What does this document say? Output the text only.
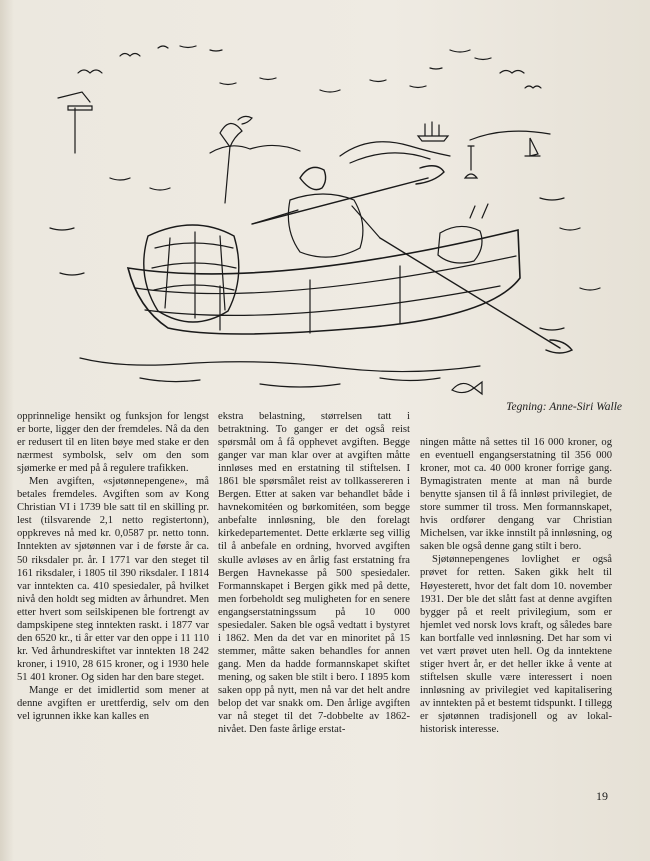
Tegning: Anne-Siri Walle

opprinnelige hensikt og funksjon for lengst er borte, ligger den der fremdeles. Nå da den er redusert til en liten bøye med stake er den nærmest symbolsk, selv om den som sjømerke er med på å regulere trafikken.

Men avgiften, «sjøtønnepengene», må betales fremdeles. Avgiften som av Kong Christian VI i 1739 ble satt til en skilling pr. lest (tilsvarende 2,1 netto registertonn), oppkreves nå med kr. 0,0587 pr. netto tonn. Inntekten av sjøtønnen var i de første år ca. 50 riksdaler pr. år. I 1771 var den steget til 161 riksdaler, i 1805 til 390 riksdaler. I 1814 var inntekten ca. 410 spesiedaler, på hvilket nivå den holdt seg midten av århundret. Men etter hvert som seilskipenen ble fortrengt av dampskipene steg inntekten raskt. i 1877 var den 6520 kr., ti år etter var den oppe i 11 110 kr. Ved århundreskiftet var inntekten 18 242 kroner, i 1910, 28 615 kroner, og i 1930 hele 51 401 kroner. Og siden har den bare steget.

Mange er det imidlertid som mener at denne avgiften er urettferdig, selv om den vel igrunnen ikke kan kalles en

ekstra belastning, størrelsen tatt i betraktning. To ganger er det også reist spørsmål om å få opphevet avgiften. Begge ganger var man klar over at avgiften måtte innløses med en erstatning til stiftelsen. I 1861 ble spørsmålet reist av tollkassereren i Bergen. Etter at saken var behandlet både i havnekomitéen og børkomitéen, som begge anbefalte innløsning, ble den forelagt kirkedepartementet. Dette erklærte seg villig til å anbefale en ordning, hvorved avgiften skulle avløses av en årlig fast erstatning fra Bergen Havnekasse på 500 spesiedaler. Formannskapet i Bergen gikk med på dette, men forbeholdt seg muligheten for en senere engangserstatningssum på 10 000 spesiedaler. Saken ble også vedtatt i bystyret i 1862. Men da det var en minoritet på 15 stemmer, måtte saken behandles for annen gang. Men da hadde formannskapet skiftet mening, og saken ble stilt i bero. I 1895 kom saken opp på nytt, men nå var det helt andre belop det var snakk om. Den årlige avgiften var nå steget til det 7-dobbelte av 1862-nivået. Den faste årlige erstat-

ningen måtte nå settes til 16 000 kroner, og en eventuell engangserstatning til 356 000 kroner, mot ca. 40 000 kroner forrige gang. Bymagistraten mente at man nå burde benytte sjansen til å få innløst privilegiet, de store summer til tross. Men formannskapet, hvis ordfører dengang var Christian Michelsen, var ikke innstilt på innløsning, og saken ble også denne gang stilt i bero.

Sjøtønnepengenes lovlighet er også prøvet for retten. Saken gikk helt til Høyesterett, hvor det falt dom 10. november 1931. Der ble det slått fast at denne avgiften bygger på et reelt privilegium, som er hjemlet ved norsk lovs kraft, og således bare kan bortfalle ved innløsning. Det har som vi vet vært prøvet uten hell. Og da inntektene stiger hvert år, er det heller ikke å vente at stiftelsen skulle være interessert i noen innløsning av privilegiet ved kapitalisering av inntekten på et bestemt tidspunkt. I tillegg er sjøtønnen tradisjonell og av lokal-historisk interesse.

19
